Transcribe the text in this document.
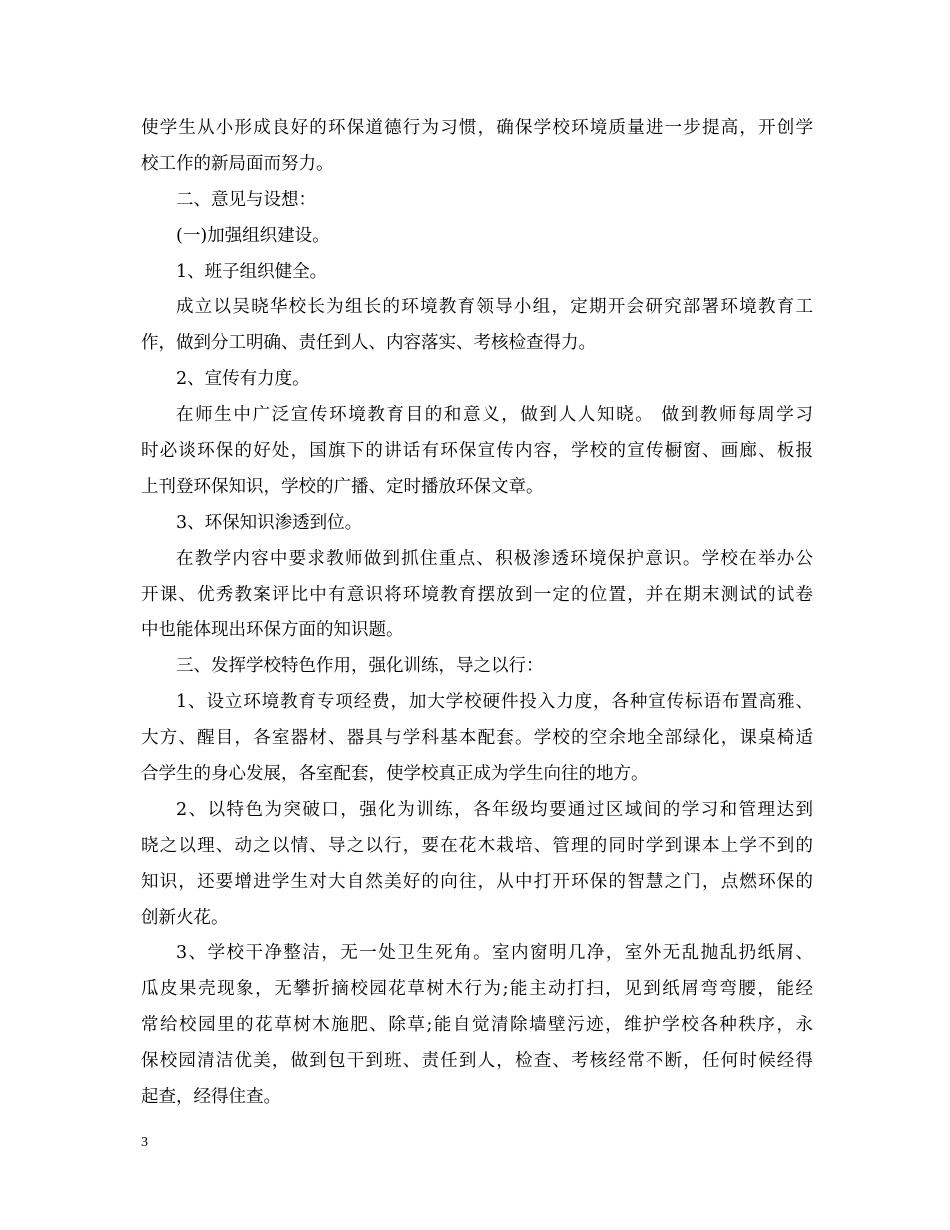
使学生从小形成良好的环保道德行为习惯，确保学校环境质量进一步提高，开创学
校工作的新局面而努力。
二、意见与设想：
(一)加强组织建设。
1、班子组织健全。
成立以吴晓华校长为组长的环境教育领导小组，定期开会研究部署环境教育工
作，做到分工明确、责任到人、内容落实、考核检查得力。
2、宣传有力度。
在师生中广泛宣传环境教育目的和意义，做到人人知晓。 做到教师每周学习
时必谈环保的好处，国旗下的讲话有环保宣传内容，学校的宣传橱窗、画廊、板报
上刊登环保知识，学校的广播、定时播放环保文章。
3、环保知识渗透到位。
在教学内容中要求教师做到抓住重点、积极渗透环境保护意识。学校在举办公
开课、优秀教案评比中有意识将环境教育摆放到一定的位置，并在期末测试的试卷
中也能体现出环保方面的知识题。
三、发挥学校特色作用，强化训练，导之以行：
1、设立环境教育专项经费，加大学校硬件投入力度，各种宣传标语布置高雅、
大方、醒目，各室器材、器具与学科基本配套。学校的空余地全部绿化，课桌椅适
合学生的身心发展，各室配套，使学校真正成为学生向往的地方。
2、以特色为突破口，强化为训练，各年级均要通过区域间的学习和管理达到
晓之以理、动之以情、导之以行，要在花木栽培、管理的同时学到课本上学不到的
知识，还要增进学生对大自然美好的向往，从中打开环保的智慧之门，点燃环保的
创新火花。
3、学校干净整洁，无一处卫生死角。室内窗明几净，室外无乱抛乱扔纸屑、
瓜皮果壳现象，无攀折摘校园花草树木行为;能主动打扫，见到纸屑弯弯腰，能经
常给校园里的花草树木施肥、除草;能自觉清除墙壁污迹，维护学校各种秩序，永
保校园清洁优美，做到包干到班、责任到人，检查、考核经常不断，任何时候经得
起查，经得住查。
3
